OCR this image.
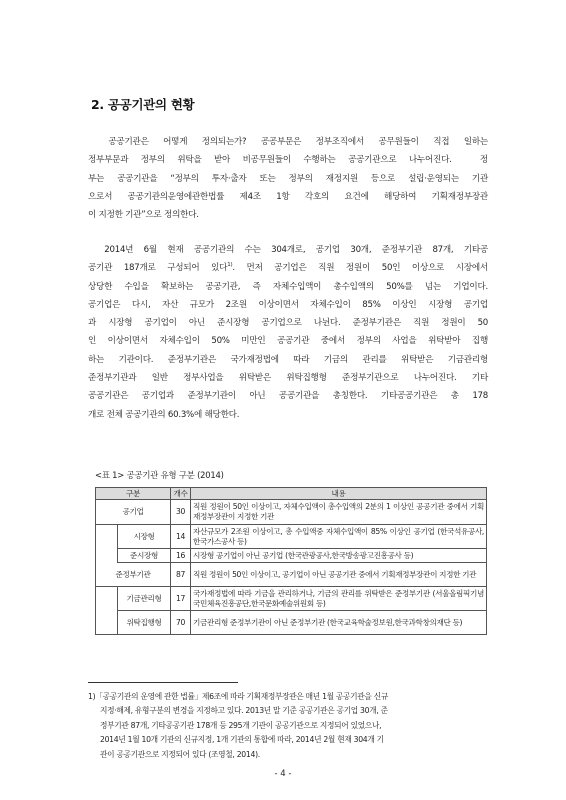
2. 공공기관의 현황
　공공기관은 어떻게 정의되는가? 공공부문은 정부조직에서 공무원들이 직접 일하는
정부부문과 정부의 위탁을 받아 비공무원들이 수행하는 공공기관으로 나누어진다.　정
부는 공공기관을 “정부의 투자·출자 또는 정부의 재정지원 등으로 설립·운영되는 기관
으로서 공공기관의운영에관한법률 제4조 1항 각호의 요건에 해당하여 기획재정부장관
이 지정한 기관”으로 정의한다.
　2014년 6월 현재 공공기관의 수는 304개로, 공기업 30개, 준정부기관 87개, 기타공
공기관 187개로 구성되어 있다$^{1)}$. 먼저 공기업은 직원 정원이 50인 이상으로 시장에서
상당한 수입을 확보하는 공공기관, 즉 자체수입액이 총수입액의 50%를 넘는 기업이다.
공기업은 다시, 자산 규모가 2조원 이상이면서 자체수입이 85% 이상인 시장형 공기업
과 시장형 공기업이 아닌 준시장형 공기업으로 나뉜다. 준정부기관은 직원 정원이 50
인 이상이면서 자체수입이 50% 미만인 공공기관 중에서 정부의 사업을 위탁받아 집행
하는 기관이다. 준정부기관은 국가재정법에 따라 기금의 관리를 위탁받은 기금관리형
준정부기관과 일반 정부사업을 위탁받은 위탁집행형 준정부기관으로 나누어진다. 기타
공공기관은 공기업과 준정부기관이 아닌 공공기관을 총칭한다. 기타공공기관은 총 178
개로 전체 공공기관의 60.3%에 해당한다.
<표 1> 공공기관 유형 구분 (2014)
구분		개수	내용
공기업		30	직원 정원이 50인 이상이고, 자체수입액이 총수입액의 2분의 1 이상인 공공기관 중에서 기획재정부장관이 지정한 기관
	시장형	14	자산규모가 2조원 이상이고, 총 수입액중 자체수입액이 85% 이상인 공기업 (한국석유공사, 한국가스공사 등)
	준시장형	16	시장형 공기업이 아닌 공기업 (한국관광공사,한국방송광고진흥공사 등)
준정부기관		87	직원 정원이 50인 이상이고, 공기업이 아닌 공공기관 중에서 기획재정부장관이 지정한 기관
	기금관리형	17	국가재정법에 따라 기금을 관리하거나, 기금의 관리를 위탁받은 준정부기관 (서울올림픽기념국민체육진흥공단,한국문화예술위원회 등)
	위탁집행형	70	기금관리형 준정부기관이 아닌 준정부기관 (한국교육학술정보원,한국과학창의재단 등)
1)「공공기관의 운영에 관한 법률」제6조에 따라 기획재정부장관은 매년 1월 공공기관을 신규
지정·해제, 유형구분의 변경을 지정하고 있다. 2013년 말 기준 공공기관은 공기업 30개, 준
정부기관 87개, 기타공공기관 178개 등 295개 기관이 공공기관으로 지정되어 있었으나,
2014년 1월 10개 기관의 신규지정, 1개 기관의 통합에 따라, 2014년 2월 현재 304개 기
관이 공공기관으로 지정되어 있다 (조영철, 2014).
- 4 -
